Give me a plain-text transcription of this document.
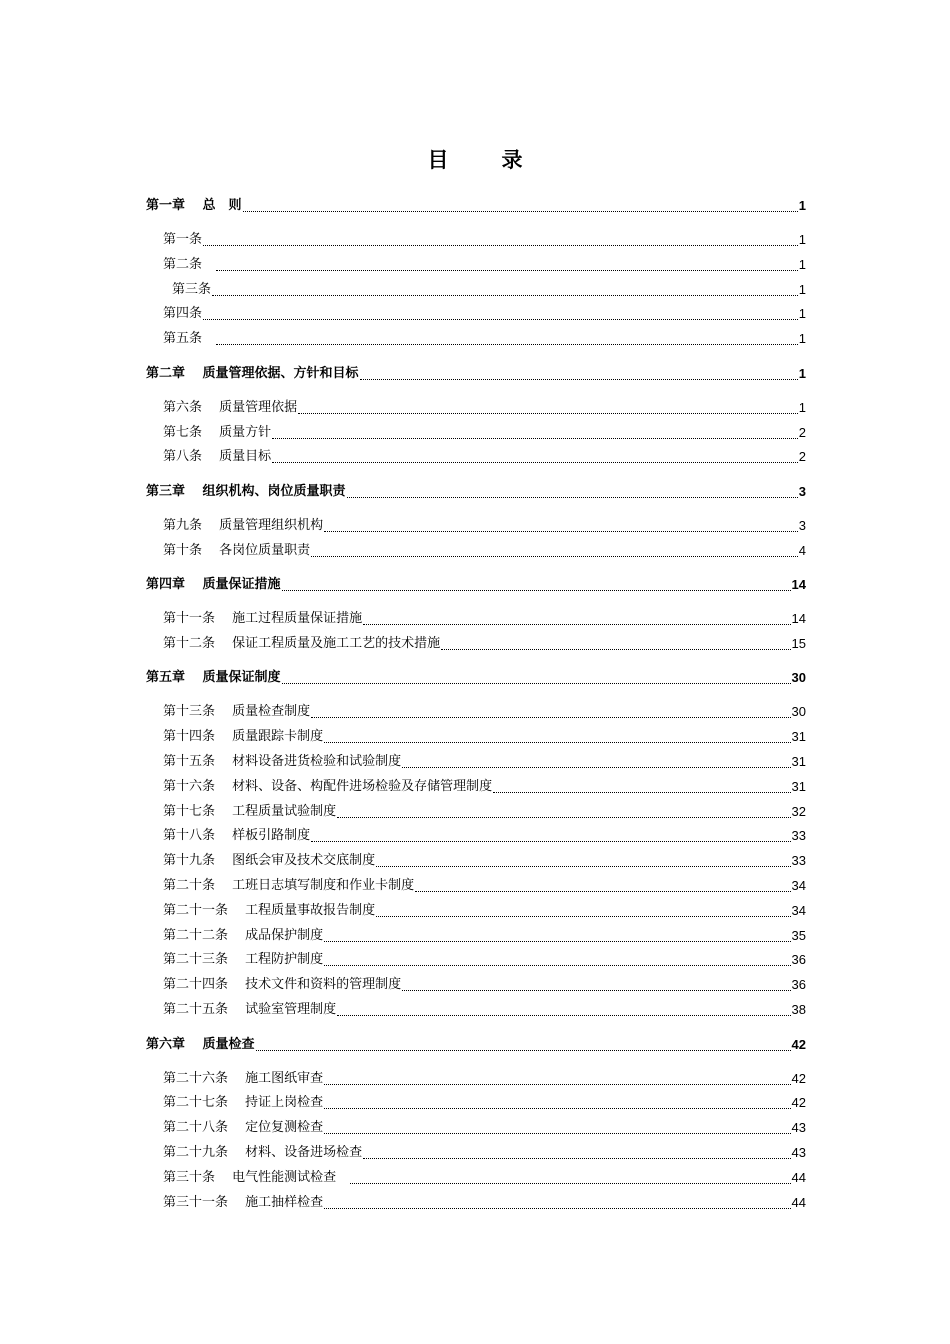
目　录
第一章　 总　则	1
第一条	1
第二条　	1
第三条	1
第四条	1
第五条　	1
第二章　 质量管理依据、方针和目标	1
第六条　 质量管理依据	1
第七条　 质量方针	2
第八条　 质量目标	2
第三章　 组织机构、岗位质量职责	3
第九条　 质量管理组织机构	3
第十条　 各岗位质量职责	4
第四章　 质量保证措施	14
第十一条　 施工过程质量保证措施	14
第十二条　 保证工程质量及施工工艺的技术措施	15
第五章　 质量保证制度	30
第十三条　 质量检查制度	30
第十四条　 质量跟踪卡制度	31
第十五条　 材料设备进货检验和试验制度	31
第十六条　 材料、设备、构配件进场检验及存储管理制度	31
第十七条　 工程质量试验制度	32
第十八条　 样板引路制度	33
第十九条　 图纸会审及技术交底制度	33
第二十条　 工班日志填写制度和作业卡制度	34
第二十一条　 工程质量事故报告制度	34
第二十二条　 成品保护制度	35
第二十三条　 工程防护制度	36
第二十四条　 技术文件和资料的管理制度	36
第二十五条　 试验室管理制度	38
第六章　 质量检查	42
第二十六条　 施工图纸审查	42
第二十七条　 持证上岗检查	42
第二十八条　 定位复测检查	43
第二十九条　 材料、设备进场检查	43
第三十条　 电气性能测试检查　	44
第三十一条　 施工抽样检查	44
